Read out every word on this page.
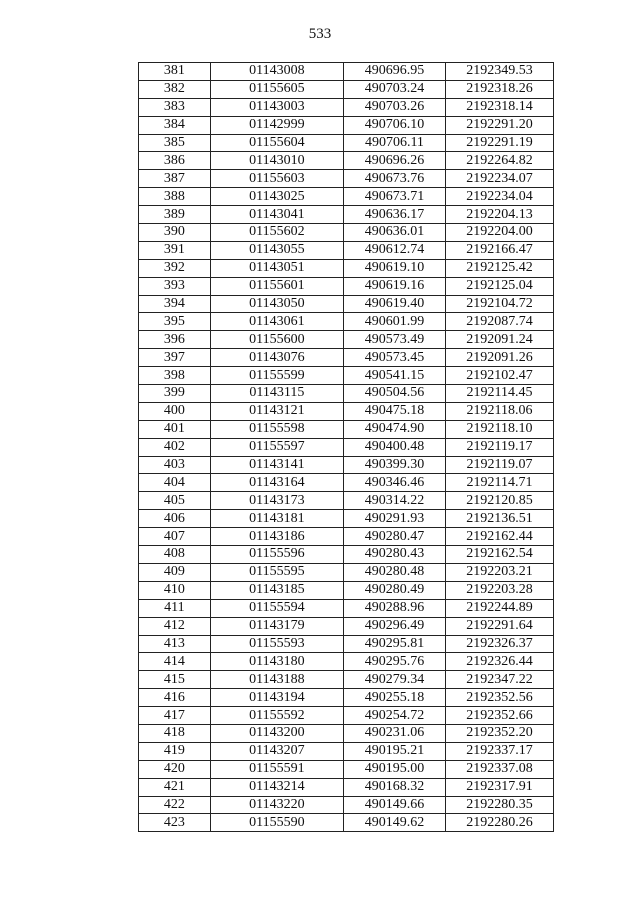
533
381	01143008	490696.95	2192349.53
382	01155605	490703.24	2192318.26
383	01143003	490703.26	2192318.14
384	01142999	490706.10	2192291.20
385	01155604	490706.11	2192291.19
386	01143010	490696.26	2192264.82
387	01155603	490673.76	2192234.07
388	01143025	490673.71	2192234.04
389	01143041	490636.17	2192204.13
390	01155602	490636.01	2192204.00
391	01143055	490612.74	2192166.47
392	01143051	490619.10	2192125.42
393	01155601	490619.16	2192125.04
394	01143050	490619.40	2192104.72
395	01143061	490601.99	2192087.74
396	01155600	490573.49	2192091.24
397	01143076	490573.45	2192091.26
398	01155599	490541.15	2192102.47
399	01143115	490504.56	2192114.45
400	01143121	490475.18	2192118.06
401	01155598	490474.90	2192118.10
402	01155597	490400.48	2192119.17
403	01143141	490399.30	2192119.07
404	01143164	490346.46	2192114.71
405	01143173	490314.22	2192120.85
406	01143181	490291.93	2192136.51
407	01143186	490280.47	2192162.44
408	01155596	490280.43	2192162.54
409	01155595	490280.48	2192203.21
410	01143185	490280.49	2192203.28
411	01155594	490288.96	2192244.89
412	01143179	490296.49	2192291.64
413	01155593	490295.81	2192326.37
414	01143180	490295.76	2192326.44
415	01143188	490279.34	2192347.22
416	01143194	490255.18	2192352.56
417	01155592	490254.72	2192352.66
418	01143200	490231.06	2192352.20
419	01143207	490195.21	2192337.17
420	01155591	490195.00	2192337.08
421	01143214	490168.32	2192317.91
422	01143220	490149.66	2192280.35
423	01155590	490149.62	2192280.26
